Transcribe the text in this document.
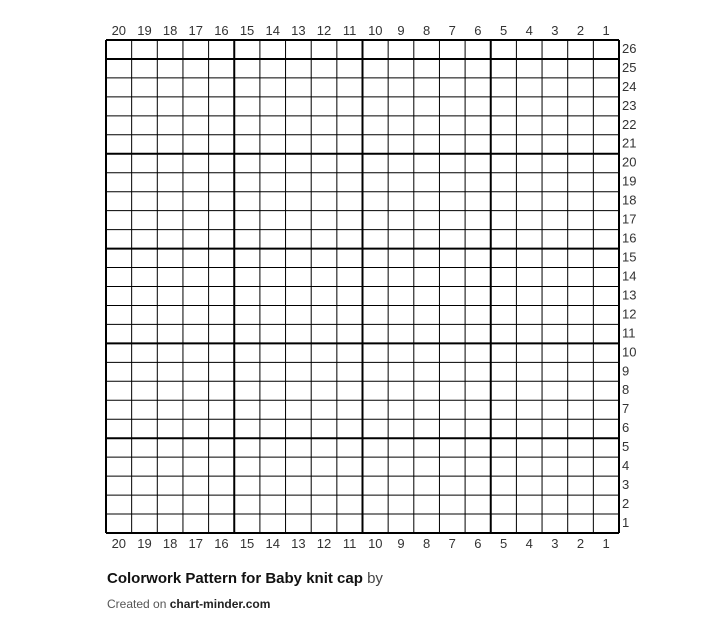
20 19 18 17 16 15 14 13 12 11 10 9 8 7 6 5 4 3 2 1
20 19 18 17 16 15 14 13 12 11 10 9 8 7 6 5 4 3 2 1
26
25
24
23
22
21
20
19
18
17
16
15
14
13
12
11
10
9
8
7
6
5
4
3
2
1
Colorwork Pattern for Baby knit cap by
Created on chart-minder.com
